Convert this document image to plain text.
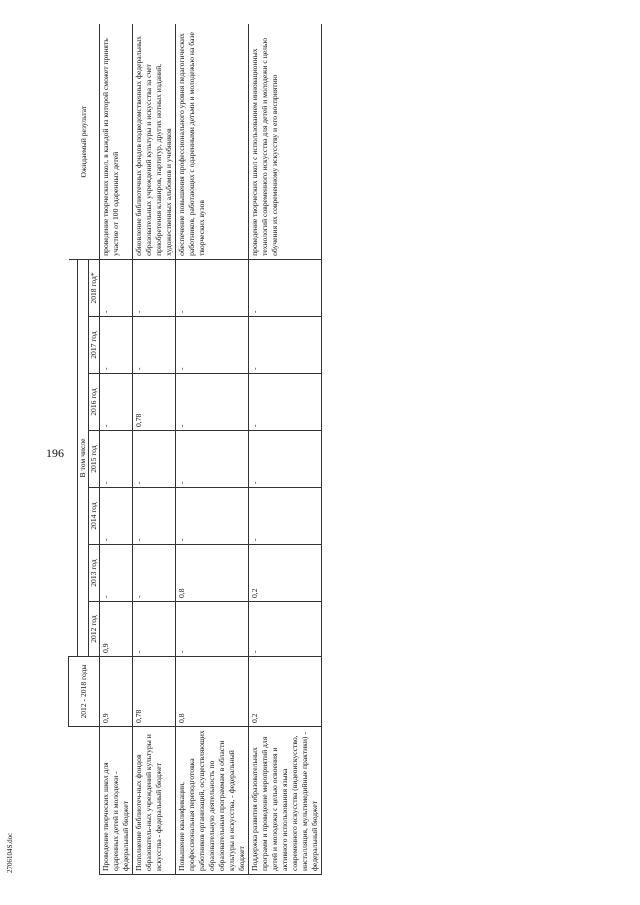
196
2706104S.doc
	2012 - 2018 годы								Ожидаемый результат
		В том числе							
		2012 год	2013 год	2014 год	2015 год	2016 год	2017 год	2018 год*	
Проведение творческих школ для одаренных детей и молодежи - федеральный бюджет	0,9	0,9	-	-	-	-	-	-	проведение творческих школ, в каждой из которой сможет принять участие от 100 одаренных детей
Пополнение библиотеч-ных фондов образователь-ных учреждений культуры и искусства - федеральный бюджет	0,78	-	-	-	-	0,78	-	-	обновление библиотечных фондов подведомственных федеральных образовательных учреждений культуры и искусства за счет приобретения клавиров, партитур, других нотных изданий, художественных альбомов и учебников
Повышение квалификации, профессиональная переподготовка работников организаций, осуществляющих образовательную деятельность по образовательным программам в области культуры и искусства, - федеральный бюджет	0,8	-	0,8	-	-	-	-	-	обеспечение повышения профессионального уровня педагогических работников, работающих с одаренными детьми и молодежью на базе творческих вузов
Поддержка развития образовательных программ и проведение мероприятий для детей и молодежи с целью освоения и активного использования языка современного искусства (видеоискусство, инсталляция, мультимедийные практики) - федеральный бюджет	0,2	-	0,2	-	-	-	-	-	проведение творческих школ с использованием инновационных технологий современного искусства для детей и молодежи с целью обучения их современному искусству и его восприятию
